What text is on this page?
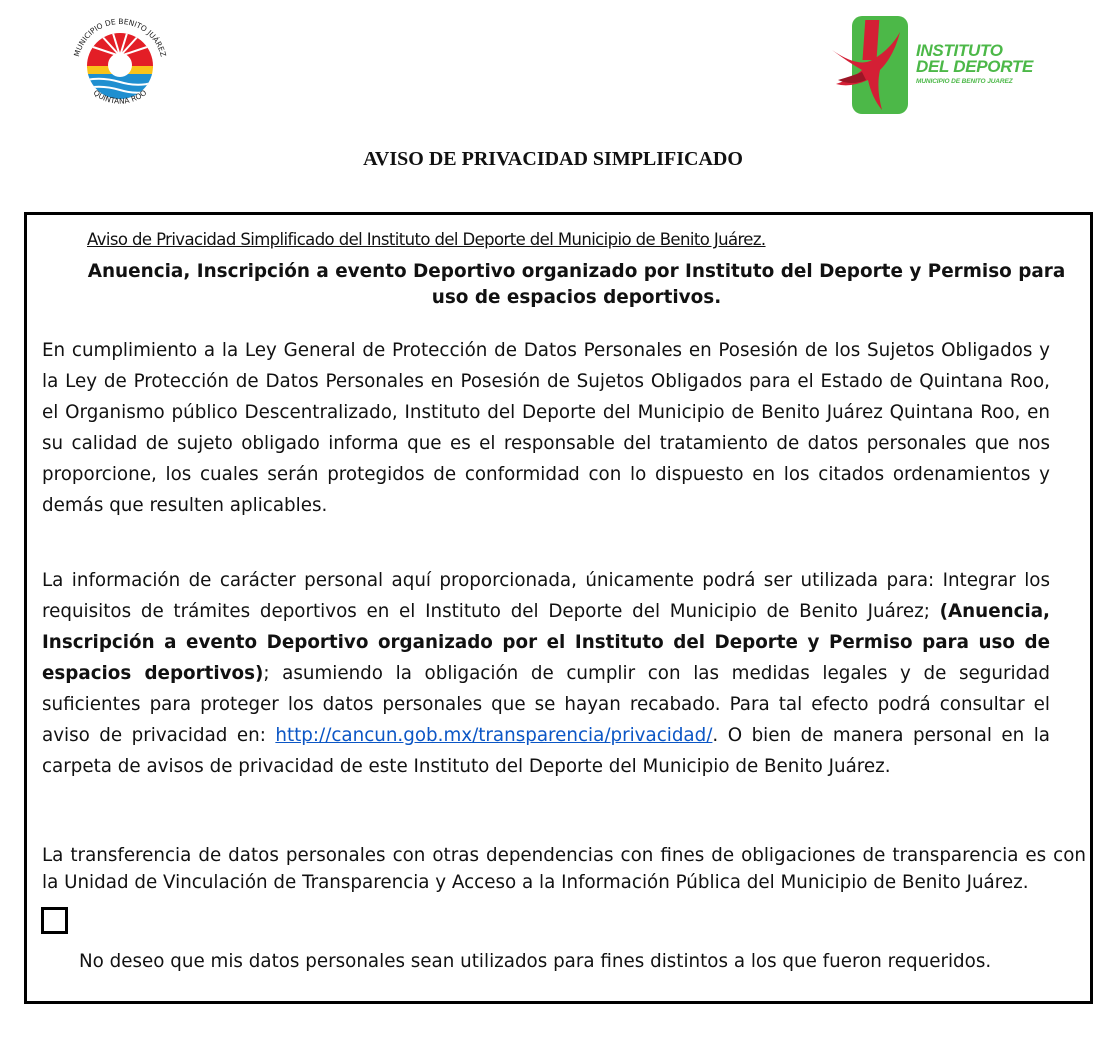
MUNICIPIO DE BENITO JUÁREZ
QUINTANA ROO
INSTITUTO
DEL DEPORTE
MUNICIPIO DE BENITO JUAREZ
AVISO DE PRIVACIDAD SIMPLIFICADO
Aviso de Privacidad Simplificado del Instituto del Deporte del Municipio de Benito Juárez.
Anuencia, Inscripción a evento Deportivo organizado por Instituto del Deporte y Permiso para uso de espacios deportivos.
En cumplimiento a la Ley General de Protección de Datos Personales en Posesión de los Sujetos Obligados y la Ley de Protección de Datos Personales en Posesión de Sujetos Obligados para el Estado de Quintana Roo, el Organismo público Descentralizado, Instituto del Deporte del Municipio de Benito Juárez Quintana Roo, en su calidad de sujeto obligado informa que es el responsable del tratamiento de datos personales que nos proporcione, los cuales serán protegidos de conformidad con lo dispuesto en los citados ordenamientos y demás que resulten aplicables.
La información de carácter personal aquí proporcionada, únicamente podrá ser utilizada para: Integrar los requisitos de trámites deportivos en el Instituto del Deporte del Municipio de Benito Juárez; (Anuencia, Inscripción a evento Deportivo organizado por el Instituto del Deporte y Permiso para uso de espacios deportivos); asumiendo la obligación de cumplir con las medidas legales y de seguridad suficientes para proteger los datos personales que se hayan recabado. Para tal efecto podrá consultar el aviso de privacidad en: http://cancun.gob.mx/transparencia/privacidad/. O bien de manera personal en la carpeta de avisos de privacidad de este Instituto del Deporte del Municipio de Benito Juárez.
La transferencia de datos personales con otras dependencias con fines de obligaciones de transparencia es con la Unidad de Vinculación de Transparencia y Acceso a la Información Pública del Municipio de Benito Juárez.
No deseo que mis datos personales sean utilizados para fines distintos a los que fueron requeridos.
